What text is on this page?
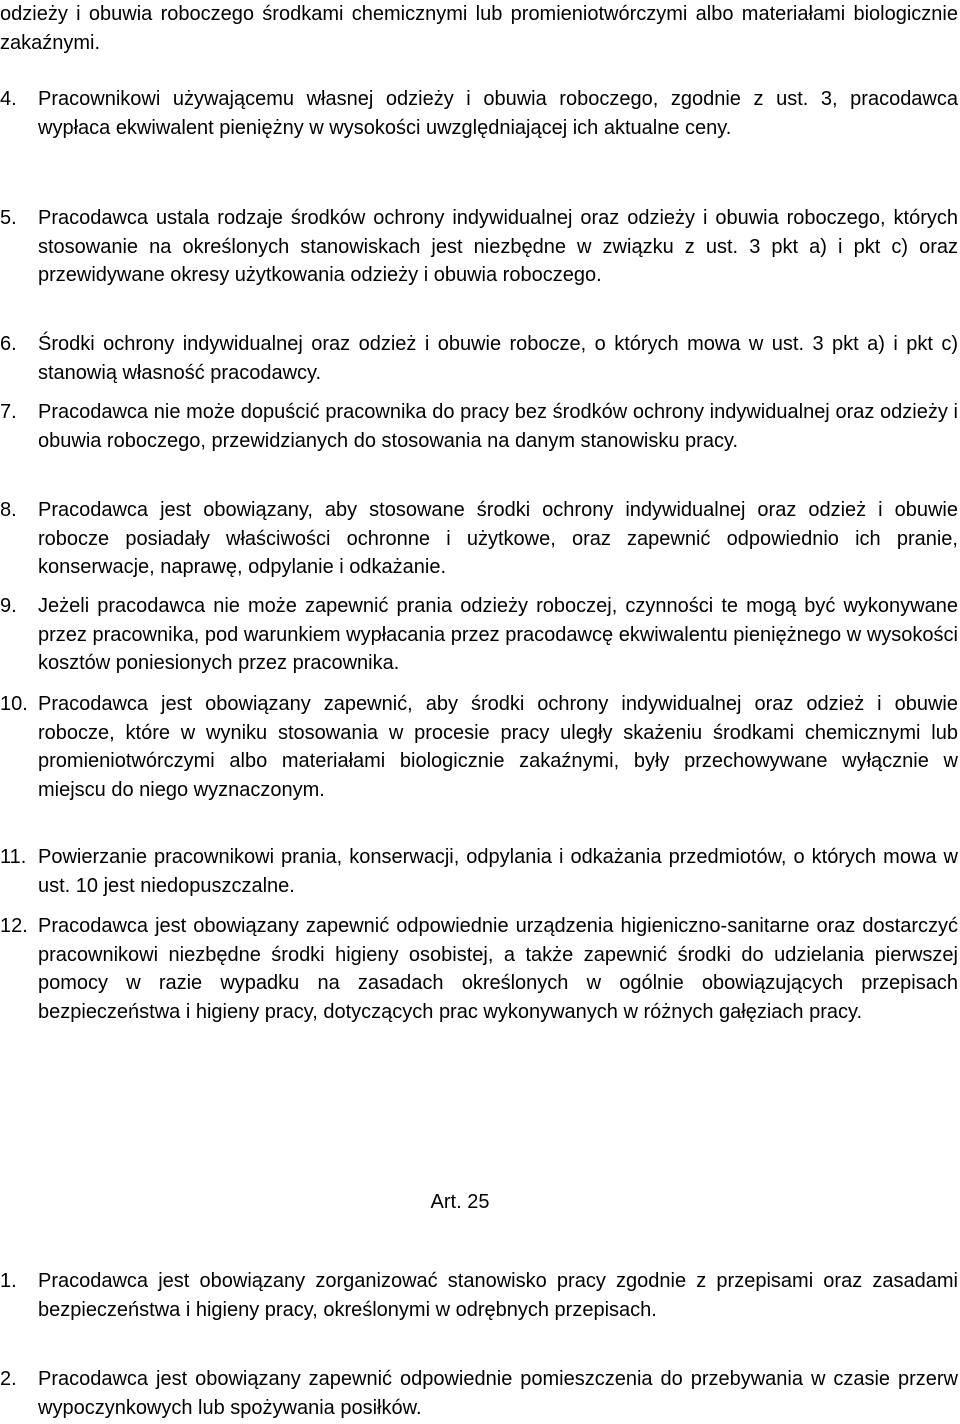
odzieży i obuwia roboczego środkami chemicznymi lub promieniotwórczymi albo materiałami biologicznie zakaźnymi.
4. Pracownikowi używającemu własnej odzieży i obuwia roboczego, zgodnie z ust. 3, pracodawca wypłaca ekwiwalent pieniężny w wysokości uwzględniającej ich aktualne ceny.
5. Pracodawca ustala rodzaje środków ochrony indywidualnej oraz odzieży i obuwia roboczego, których stosowanie na określonych stanowiskach jest niezbędne w związku z ust. 3 pkt a) i pkt c) oraz przewidywane okresy użytkowania odzieży i obuwia roboczego.
6. Środki ochrony indywidualnej oraz odzież i obuwie robocze, o których mowa w ust. 3 pkt a) i pkt c) stanowią własność pracodawcy.
7. Pracodawca nie może dopuścić pracownika do pracy bez środków ochrony indywidualnej oraz odzieży i obuwia roboczego, przewidzianych do stosowania na danym stanowisku pracy.
8. Pracodawca jest obowiązany, aby stosowane środki ochrony indywidualnej oraz odzież i obuwie robocze posiadały właściwości ochronne i użytkowe, oraz zapewnić odpowiednio ich pranie, konserwacje, naprawę, odpylanie i odkażanie.
9. Jeżeli pracodawca nie może zapewnić prania odzieży roboczej, czynności te mogą być wykonywane przez pracownika, pod warunkiem wypłacania przez pracodawcę ekwiwalentu pieniężnego w wysokości kosztów poniesionych przez pracownika.
10. Pracodawca jest obowiązany zapewnić, aby środki ochrony indywidualnej oraz odzież i obuwie robocze, które w wyniku stosowania w procesie pracy uległy skażeniu środkami chemicznymi lub promieniotwórczymi albo materiałami biologicznie zakaźnymi, były przechowywane wyłącznie w miejscu do niego wyznaczonym.
11. Powierzanie pracownikowi prania, konserwacji, odpylania i odkażania przedmiotów, o których mowa w ust. 10 jest niedopuszczalne.
12. Pracodawca jest obowiązany zapewnić odpowiednie urządzenia higieniczno-sanitarne oraz dostarczyć pracownikowi niezbędne środki higieny osobistej, a także zapewnić środki do udzielania pierwszej pomocy w razie wypadku na zasadach określonych w ogólnie obowiązujących przepisach bezpieczeństwa i higieny pracy, dotyczących prac wykonywanych w różnych gałęziach pracy.
Art. 25
1. Pracodawca jest obowiązany zorganizować stanowisko pracy zgodnie z przepisami oraz zasadami bezpieczeństwa i higieny pracy, określonymi w odrębnych przepisach.
2. Pracodawca jest obowiązany zapewnić odpowiednie pomieszczenia do przebywania w czasie przerw wypoczynkowych lub spożywania posiłków.
